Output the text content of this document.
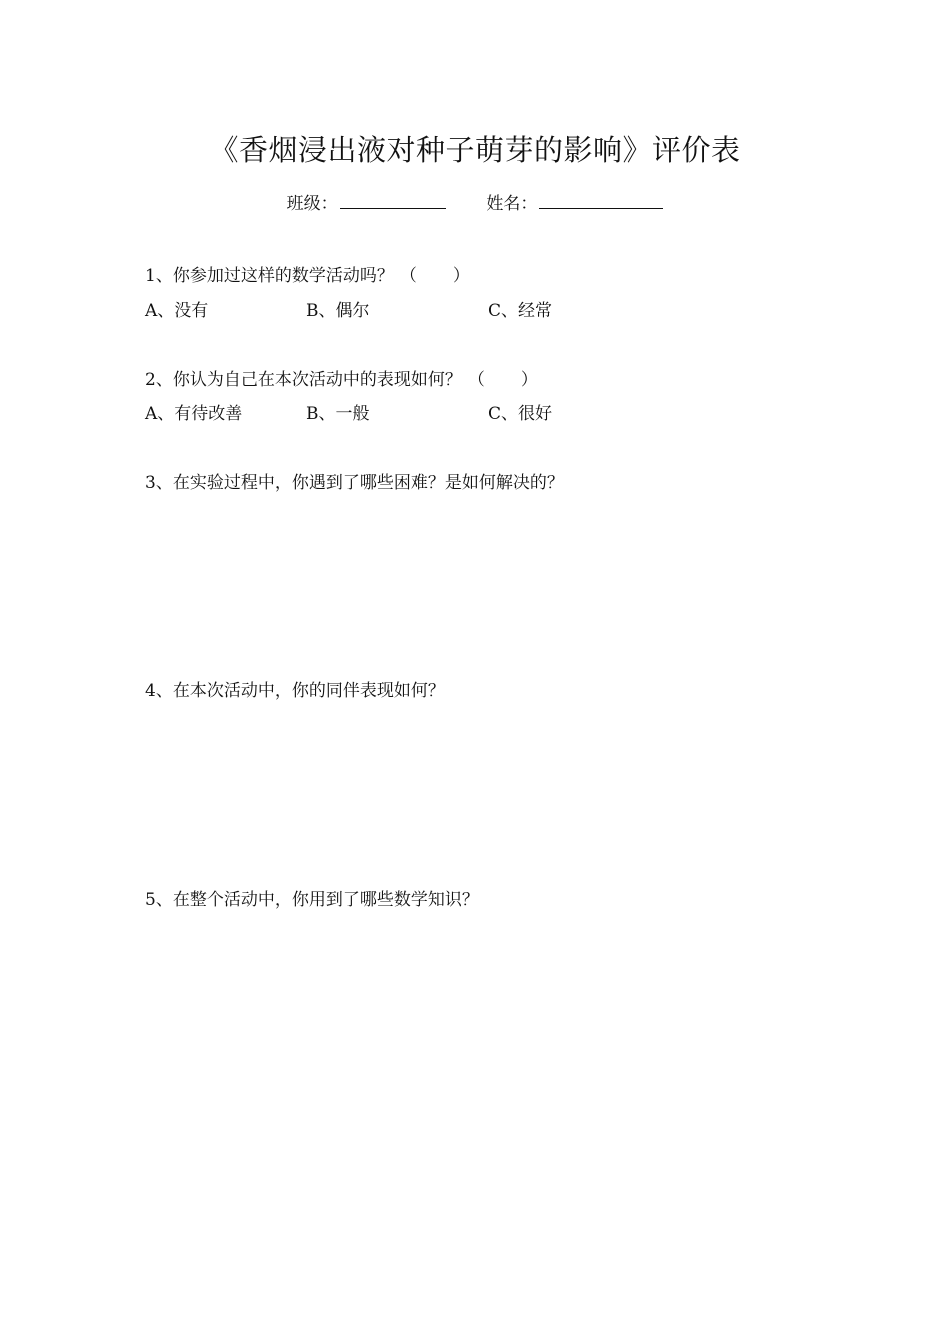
《香烟浸出液对种子萌芽的影响》评价表
班级：	姓名：
1、你参加过这样的数学活动吗？ （ ）
A、没有	B、偶尔	C、经常
2、你认为自己在本次活动中的表现如何？ （ ）
A、有待改善	B、一般	C、很好
3、在实验过程中，你遇到了哪些困难？是如何解决的？
4、在本次活动中，你的同伴表现如何？
5、在整个活动中，你用到了哪些数学知识？
